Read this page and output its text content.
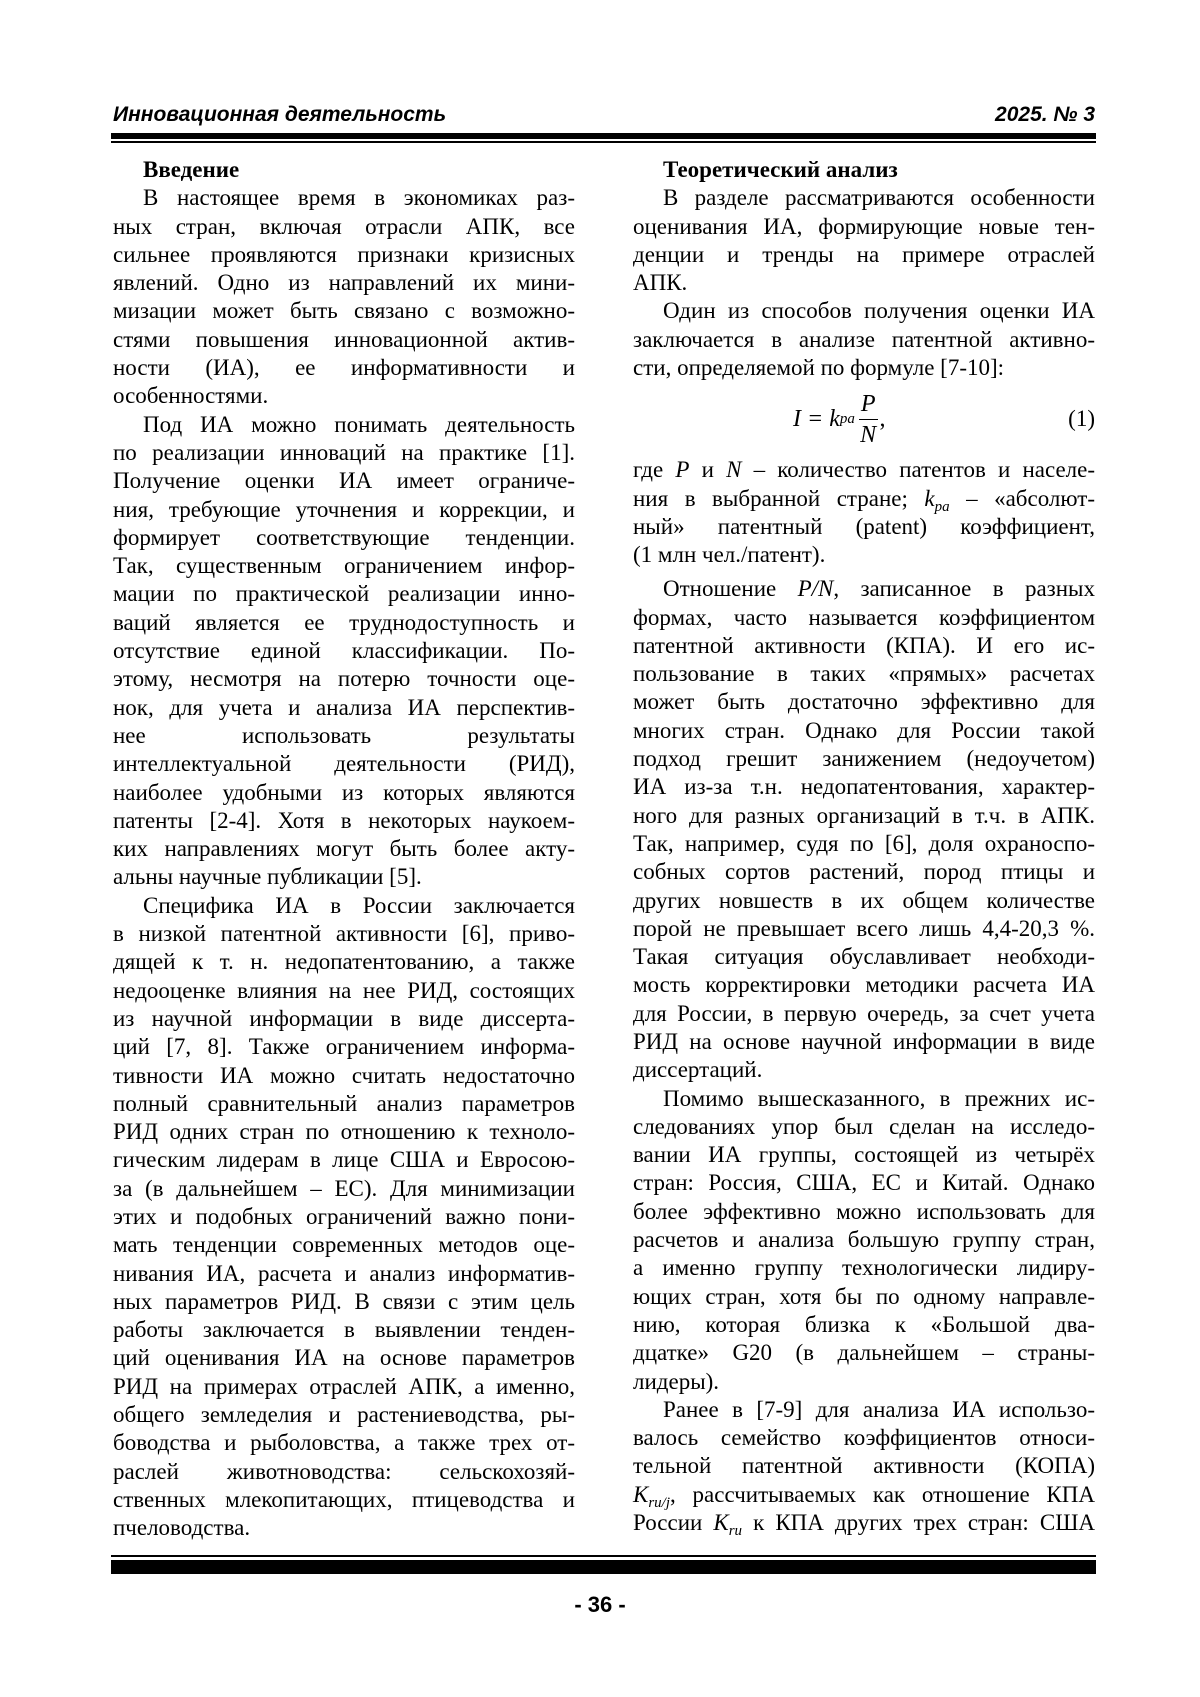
Инновационная деятельность	2025. № 3
Введение
В настоящее время в экономиках раз-
ных стран, включая отрасли АПК, все
сильнее проявляются признаки кризисных
явлений. Одно из направлений их мини-
мизации может быть связано с возможно-
стями повышения инновационной актив-
ности (ИА), ее информативности и
особенностями.
Под ИА можно понимать деятельность
по реализации инноваций на практике [1].
Получение оценки ИА имеет ограниче-
ния, требующие уточнения и коррекции, и
формирует соответствующие тенденции.
Так, существенным ограничением инфор-
мации по практической реализации инно-
ваций является ее труднодоступность и
отсутствие единой классификации. По-
этому, несмотря на потерю точности оце-
нок, для учета и анализа ИА перспектив-
нее использовать результаты
интеллектуальной деятельности (РИД),
наиболее удобными из которых являются
патенты [2-4]. Хотя в некоторых наукоем-
ких направлениях могут быть более акту-
альны научные публикации [5].
Специфика ИА в России заключается
в низкой патентной активности [6], приво-
дящей к т. н. недопатентованию, а также
недооценке влияния на нее РИД, состоящих
из научной информации в виде диссерта-
ций [7, 8]. Также ограничением информа-
тивности ИА можно считать недостаточно
полный сравнительный анализ параметров
РИД одних стран по отношению к техноло-
гическим лидерам в лице США и Евросою-
за (в дальнейшем – ЕС). Для минимизации
этих и подобных ограничений важно пони-
мать тенденции современных методов оце-
нивания ИА, расчета и анализ информатив-
ных параметров РИД. В связи с этим цель
работы заключается в выявлении тенден-
ций оценивания ИА на основе параметров
РИД на примерах отраслей АПК, а именно,
общего земледелия и растениеводства, ры-
боводства и рыболовства, а также трех от-
раслей животноводства: сельскохозяй-
ственных млекопитающих, птицеводства и
пчеловодства.
Теоретический анализ
В разделе рассматриваются особенности
оценивания ИА, формирующие новые тен-
денции и тренды на примере отраслей
АПК.
Один из способов получения оценки ИА
заключается в анализе патентной активно-
сти, определяемой по формуле [7-10]:
I = k pa
P
N
,	(1)
где P и N – количество патентов и населе-
ния в выбранной стране; kpa – «абсолют-
ный» патентный (patent) коэффициент,
(1 млн чел./патент).
Отношение P/N, записанное в разных
формах, часто называется коэффициентом
патентной активности (КПА). И его ис-
пользование в таких «прямых» расчетах
может быть достаточно эффективно для
многих стран. Однако для России такой
подход грешит занижением (недоучетом)
ИА из-за т.н. недопатентования, характер-
ного для разных организаций в т.ч. в АПК.
Так, например, судя по [6], доля охраноспо-
собных сортов растений, пород птицы и
других новшеств в их общем количестве
порой не превышает всего лишь 4,4-20,3 %.
Такая ситуация обуславливает необходи-
мость корректировки методики расчета ИА
для России, в первую очередь, за счет учета
РИД на основе научной информации в виде
диссертаций.
Помимо вышесказанного, в прежних ис-
следованиях упор был сделан на исследо-
вании ИА группы, состоящей из четырёх
стран: Россия, США, ЕС и Китай. Однако
более эффективно можно использовать для
расчетов и анализа большую группу стран,
а именно группу технологически лидиру-
ющих стран, хотя бы по одному направле-
нию, которая близка к «Большой два-
дцатке» G20 (в дальнейшем – страны-
лидеры).
Ранее в [7-9] для анализа ИА использо-
валось семейство коэффициентов относи-
тельной патентной активности (КОПА)
Kru/j, рассчитываемых как отношение КПА
России Kru к КПА других трех стран: США
- 36 -
